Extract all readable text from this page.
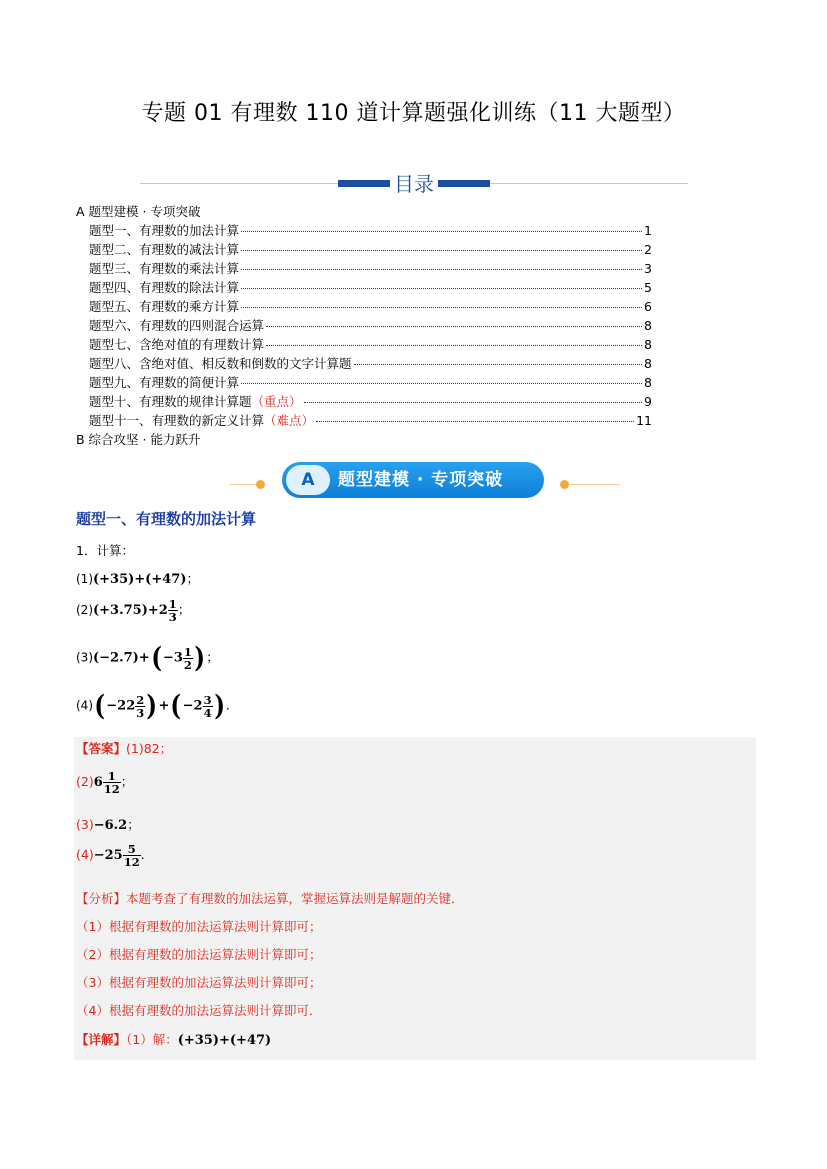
专题 01 有理数 110 道计算题强化训练（11 大题型）
目录
A 题型建模 · 专项突破
题型一、有理数的加法计算	1
题型二、有理数的减法计算	2
题型三、有理数的乘法计算	3
题型四、有理数的除法计算	5
题型五、有理数的乘方计算	6
题型六、有理数的四则混合运算	8
题型七、含绝对值的有理数计算	8
题型八、含绝对值、相反数和倒数的文字计算题	8
题型九、有理数的简便计算	8
题型十、有理数的规律计算题 （重点）	9
题型十一、有理数的新定义计算 （难点）	11
B 综合攻坚 · 能力跃升
A	题型建模 · 专项突破
题型一、有理数的加法计算
1．计算：
(1)(+35)+(+47)；
$(2)(+3.75)+2 \frac{1}{3}$ ；
$(3)(-2.7)+(-3 \frac{1}{2}$ )；
$(4)(-22 \frac{2}{3} )+(-2 \frac{3}{4}$ )．
【答案】(1)82；
$(2)6 \frac{1}{12}$ ；
(3)−6.2；
$(4)-25 \frac{5}{12}$ ．
【分析】本题考查了有理数的加法运算，掌握运算法则是解题的关键．
（1）根据有理数的加法运算法则计算即可；
（2）根据有理数的加法运算法则计算即可；
（3）根据有理数的加法运算法则计算即可；
（4）根据有理数的加法运算法则计算即可．
【详解】（1）解：(+35)+(+47)
